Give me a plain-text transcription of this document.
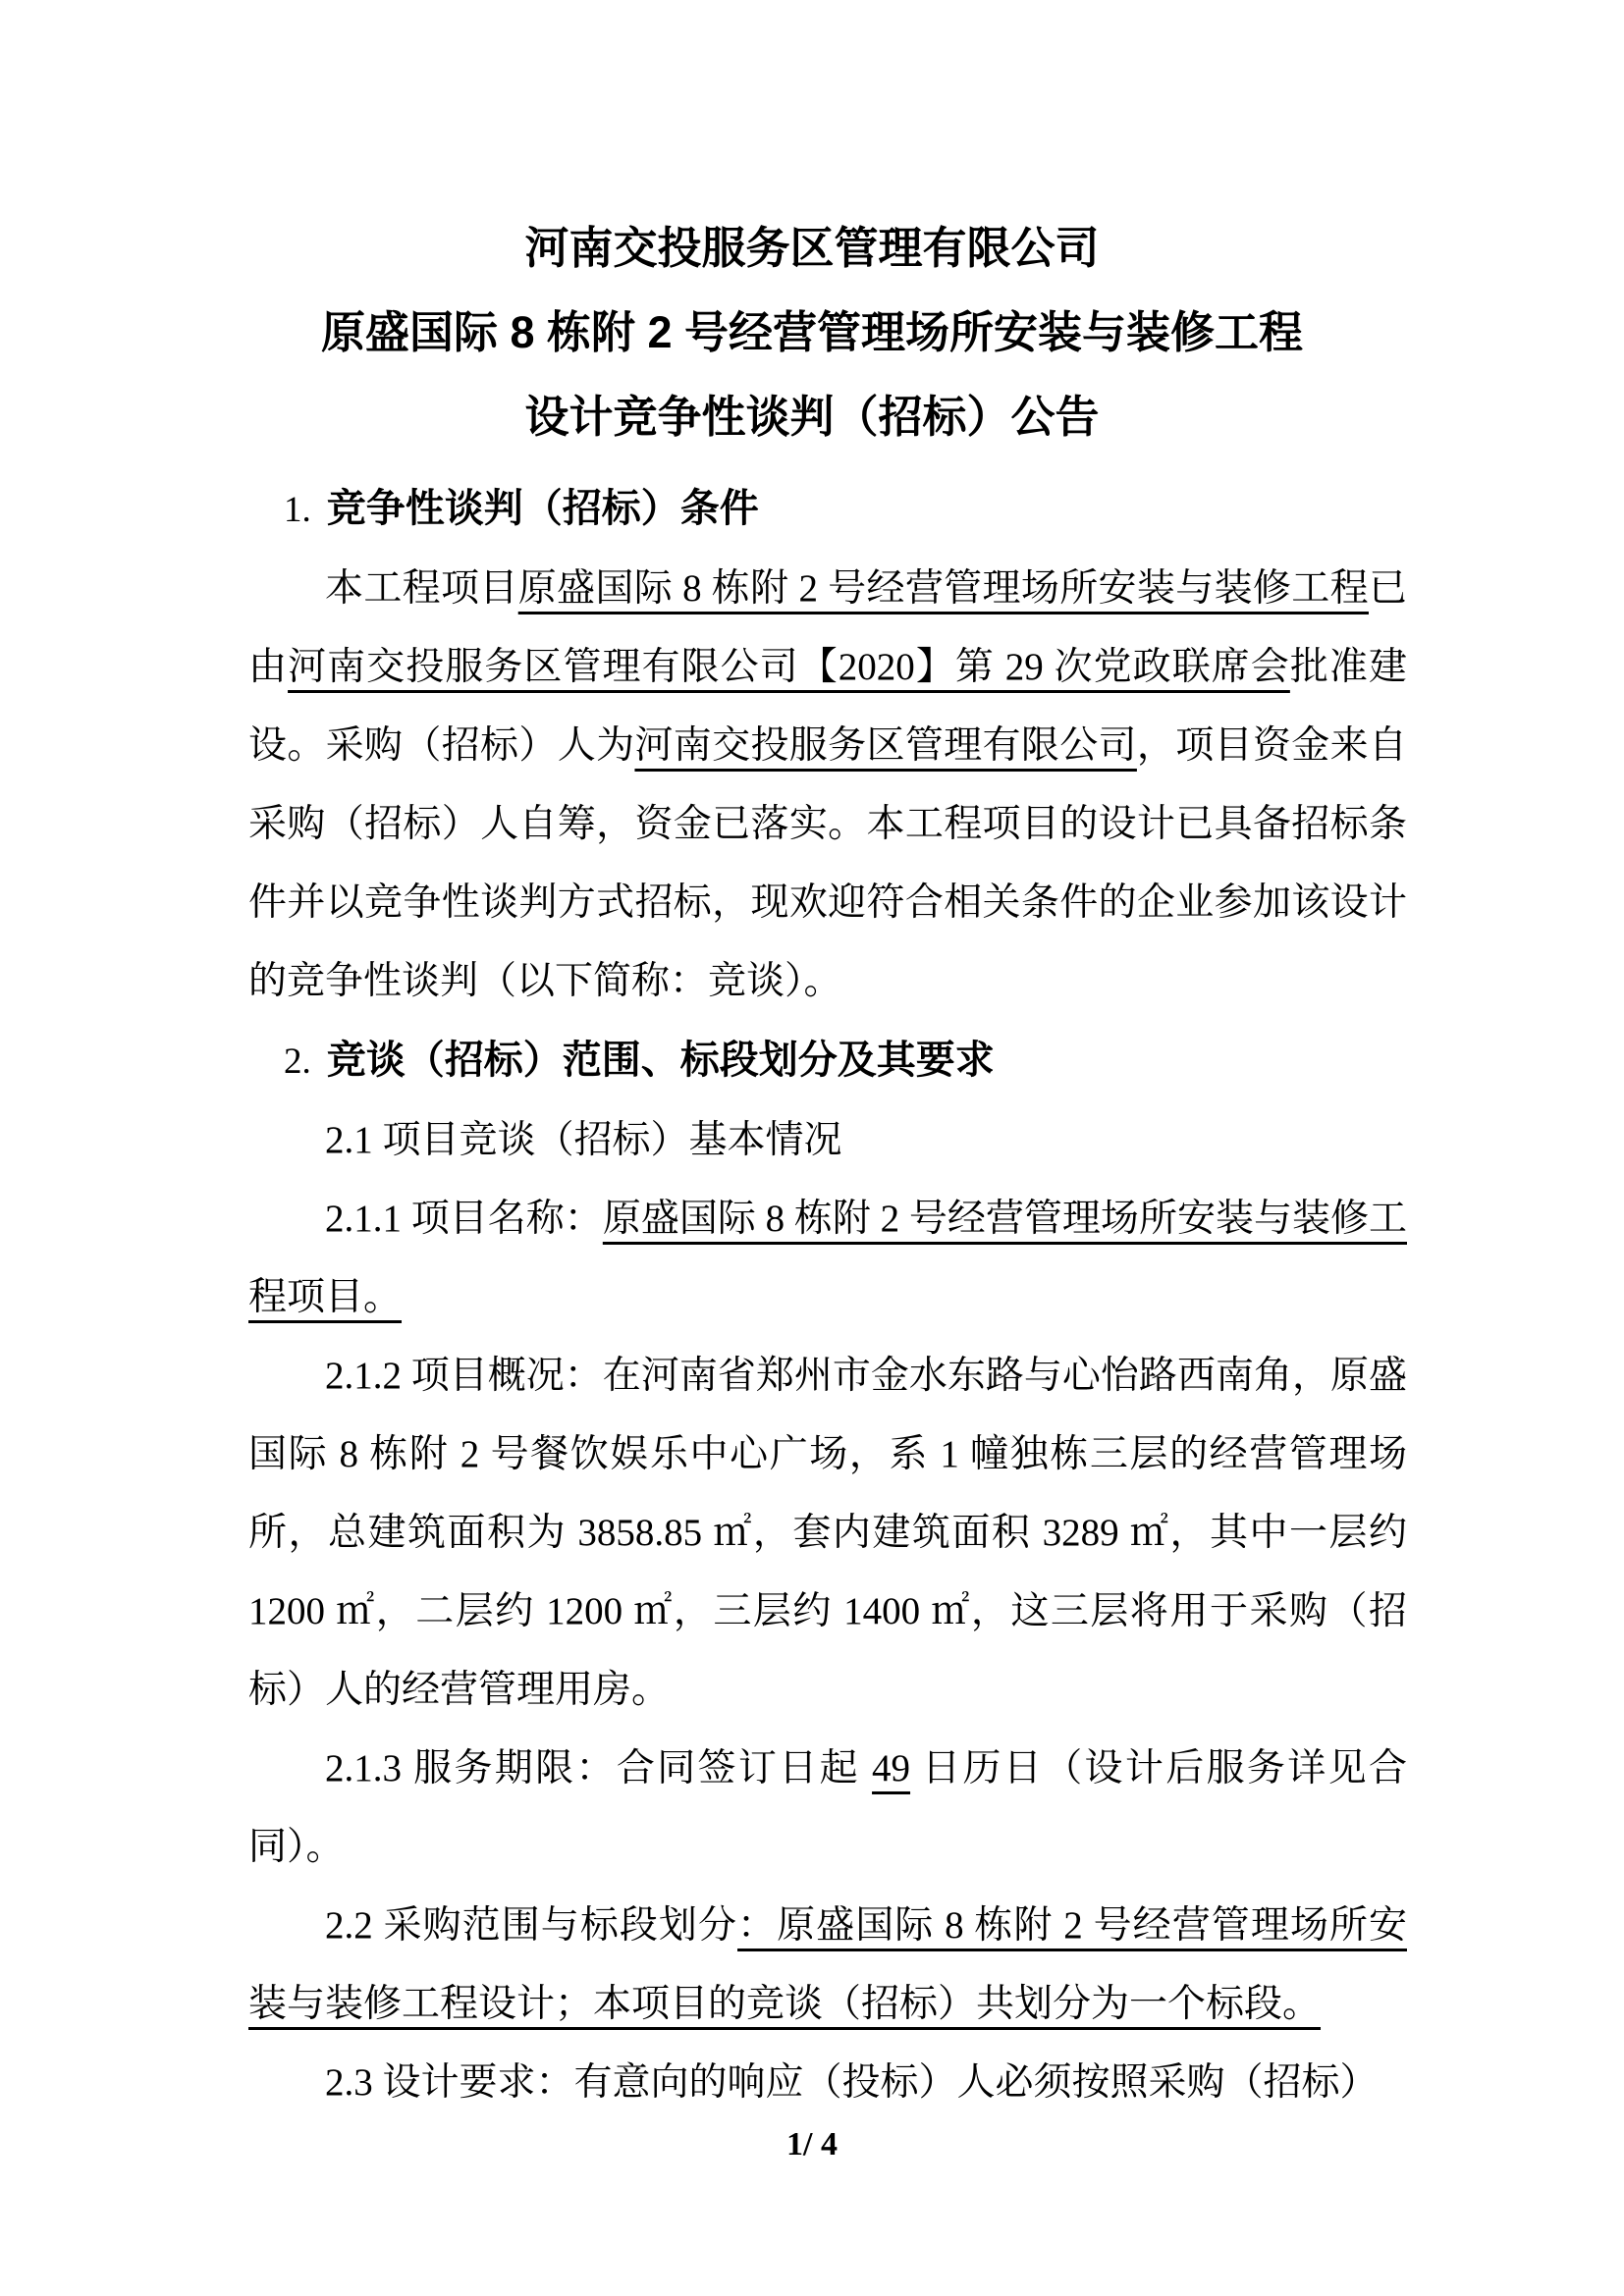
河南交投服务区管理有限公司
原盛国际 8 栋附 2 号经营管理场所安装与装修工程
设计竞争性谈判（招标）公告

1. 竞争性谈判（招标）条件

本工程项目原盛国际 8 栋附 2 号经营管理场所安装与装修工程已由河南交投服务区管理有限公司【2020】第 29 次党政联席会批准建设。采购（招标）人为河南交投服务区管理有限公司，项目资金来自采购（招标）人自筹，资金已落实。本工程项目的设计已具备招标条件并以竞争性谈判方式招标，现欢迎符合相关条件的企业参加该设计的竞争性谈判（以下简称：竞谈）。

2. 竞谈（招标）范围、标段划分及其要求

2.1 项目竞谈（招标）基本情况

2.1.1 项目名称：原盛国际 8 栋附 2 号经营管理场所安装与装修工程项目。

2.1.2 项目概况：在河南省郑州市金水东路与心怡路西南角，原盛国际 8 栋附 2 号餐饮娱乐中心广场，系 1 幢独栋三层的经营管理场所，总建筑面积为 3858.85 ㎡，套内建筑面积 3289 ㎡，其中一层约 1200 ㎡，二层约 1200 ㎡，三层约 1400 ㎡，这三层将用于采购（招标）人的经营管理用房。

2.1.3 服务期限：合同签订日起 49 日历日（设计后服务详见合同）。

2.2 采购范围与标段划分：原盛国际 8 栋附 2 号经营管理场所安装与装修工程设计；本项目的竞谈（招标）共划分为一个标段。

2.3 设计要求：有意向的响应（投标）人必须按照采购（招标）

1/ 4
